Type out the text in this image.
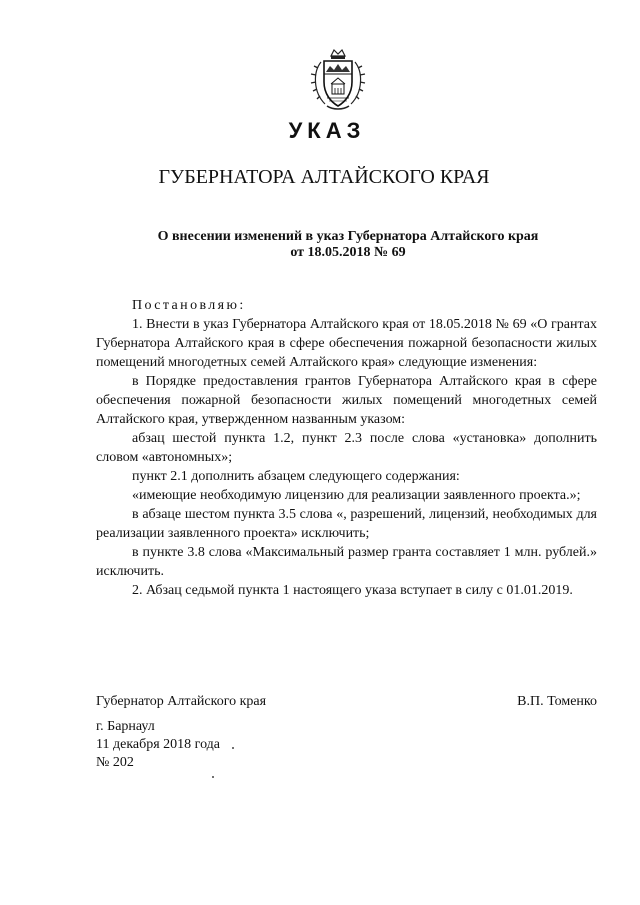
УКАЗ
ГУБЕРНАТОРА АЛТАЙСКОГО КРАЯ
О внесении изменений в указ Губернатора Алтайского края
от 18.05.2018 № 69

Постановляю:

1. Внести в указ Губернатора Алтайского края от 18.05.2018 № 69 «О грантах Губернатора Алтайского края в сфере обеспечения пожарной безопасности жилых помещений многодетных семей Алтайского края» следующие изменения:

в Порядке предоставления грантов Губернатора Алтайского края в сфере обеспечения пожарной безопасности жилых помещений многодетных семей Алтайского края, утвержденном названным указом:

абзац шестой пункта 1.2, пункт 2.3 после слова «установка» дополнить словом «автономных»;

пункт 2.1 дополнить абзацем следующего содержания:

«имеющие необходимую лицензию для реализации заявленного проекта.»;

в абзаце шестом пункта 3.5 слова «, разрешений, лицензий, необходимых для реализации заявленного проекта» исключить;

в пункте 3.8 слова «Максимальный размер гранта составляет 1 млн. рублей.» исключить.

2. Абзац седьмой пункта 1 настоящего указа вступает в силу с 01.01.2019.

Губернатор Алтайского края	В.П. Томенко
г. Барнаул
11 декабря 2018 года
№ 202
